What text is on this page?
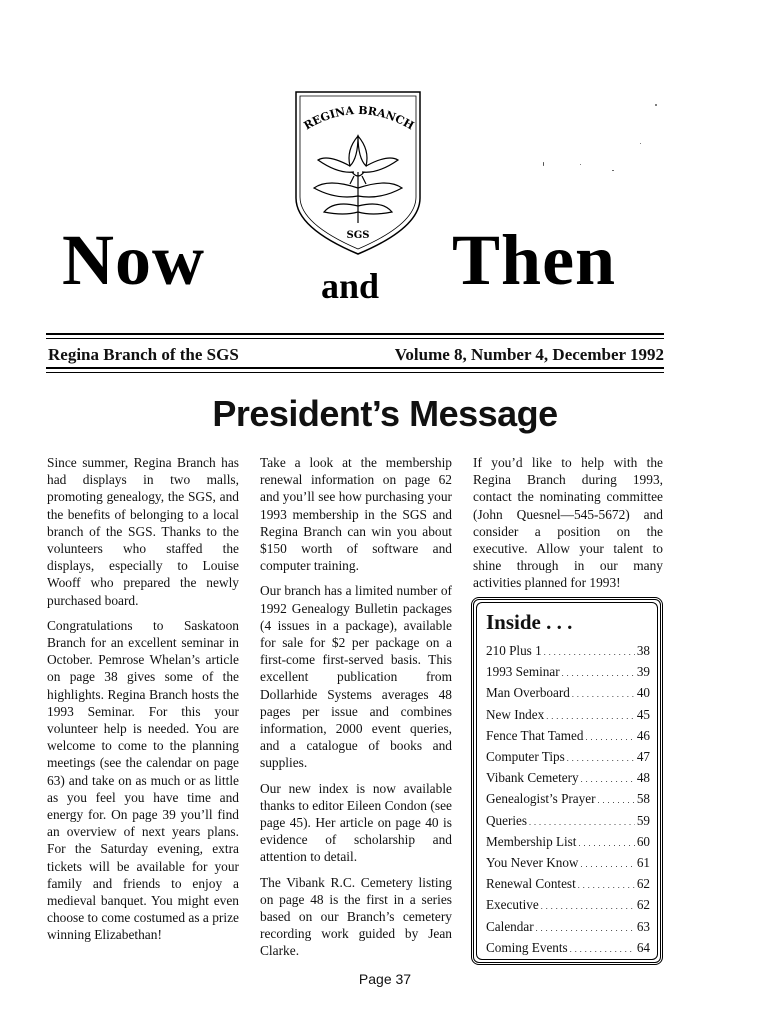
Now	and Then
REGINA BRANCH
SGS
Regina Branch of the SGS	Volume 8, Number 4, December 1992
President’s Message

Since summer, Regina Branch has had displays in two malls, promoting genealogy, the SGS, and the benefits of belonging to a local branch of the SGS. Thanks to the volunteers who staffed the displays, especially to Louise Wooff who prepared the newly purchased board.

Congratulations to Saskatoon Branch for an excellent seminar in October. Pemrose Whelan’s article on page 38 gives some of the highlights. Regina Branch hosts the 1993 Seminar. For this your volunteer help is needed. You are welcome to come to the planning meetings (see the calendar on page 63) and take on as much or as little as you feel you have time and energy for. On page 39 you’ll find an overview of next years plans. For the Saturday evening, extra tickets will be available for your family and friends to enjoy a medieval banquet. You might even choose to come costumed as a prize winning Elizabethan!

Take a look at the membership renewal information on page 62 and you’ll see how purchasing your 1993 membership in the SGS and Regina Branch can win you about $150 worth of software and computer training.

Our branch has a limited number of 1992 Genealogy Bulletin packages (4 issues in a package), available for sale for $2 per package on a first-come first-served basis. This excellent publication from Dollarhide Systems averages 48 pages per issue and combines information, 2000 event queries, and a catalogue of books and supplies.

Our new index is now available thanks to editor Eileen Condon (see page 45). Her article on page 40 is evidence of scholarship and attention to detail.

The Vibank R.C. Cemetery listing on page 48 is the first in a series based on our Branch’s cemetery recording work guided by Jean Clarke.

If you’d like to help with the Regina Branch during 1993, contact the nominating committee (John Quesnel—545-5672) and consider a position on the executive. Allow your talent to shine through in our many activities planned for 1993!

Inside . . .
210 Plus 1 . . .	38
1993 Seminar . . .	39
Man Overboard . . .	40
New Index . . .	45
Fence That Tamed . . .	46
Computer Tips . . .	47
Vibank Cemetery . . .	48
Genealogist’s Prayer . . .	58
Queries . . .	59
Membership List . . .	60
You Never Know . . .	61
Renewal Contest . . .	62
Executive . . .	62
Calendar . . .	63
Coming Events . . .	64
Page 37
